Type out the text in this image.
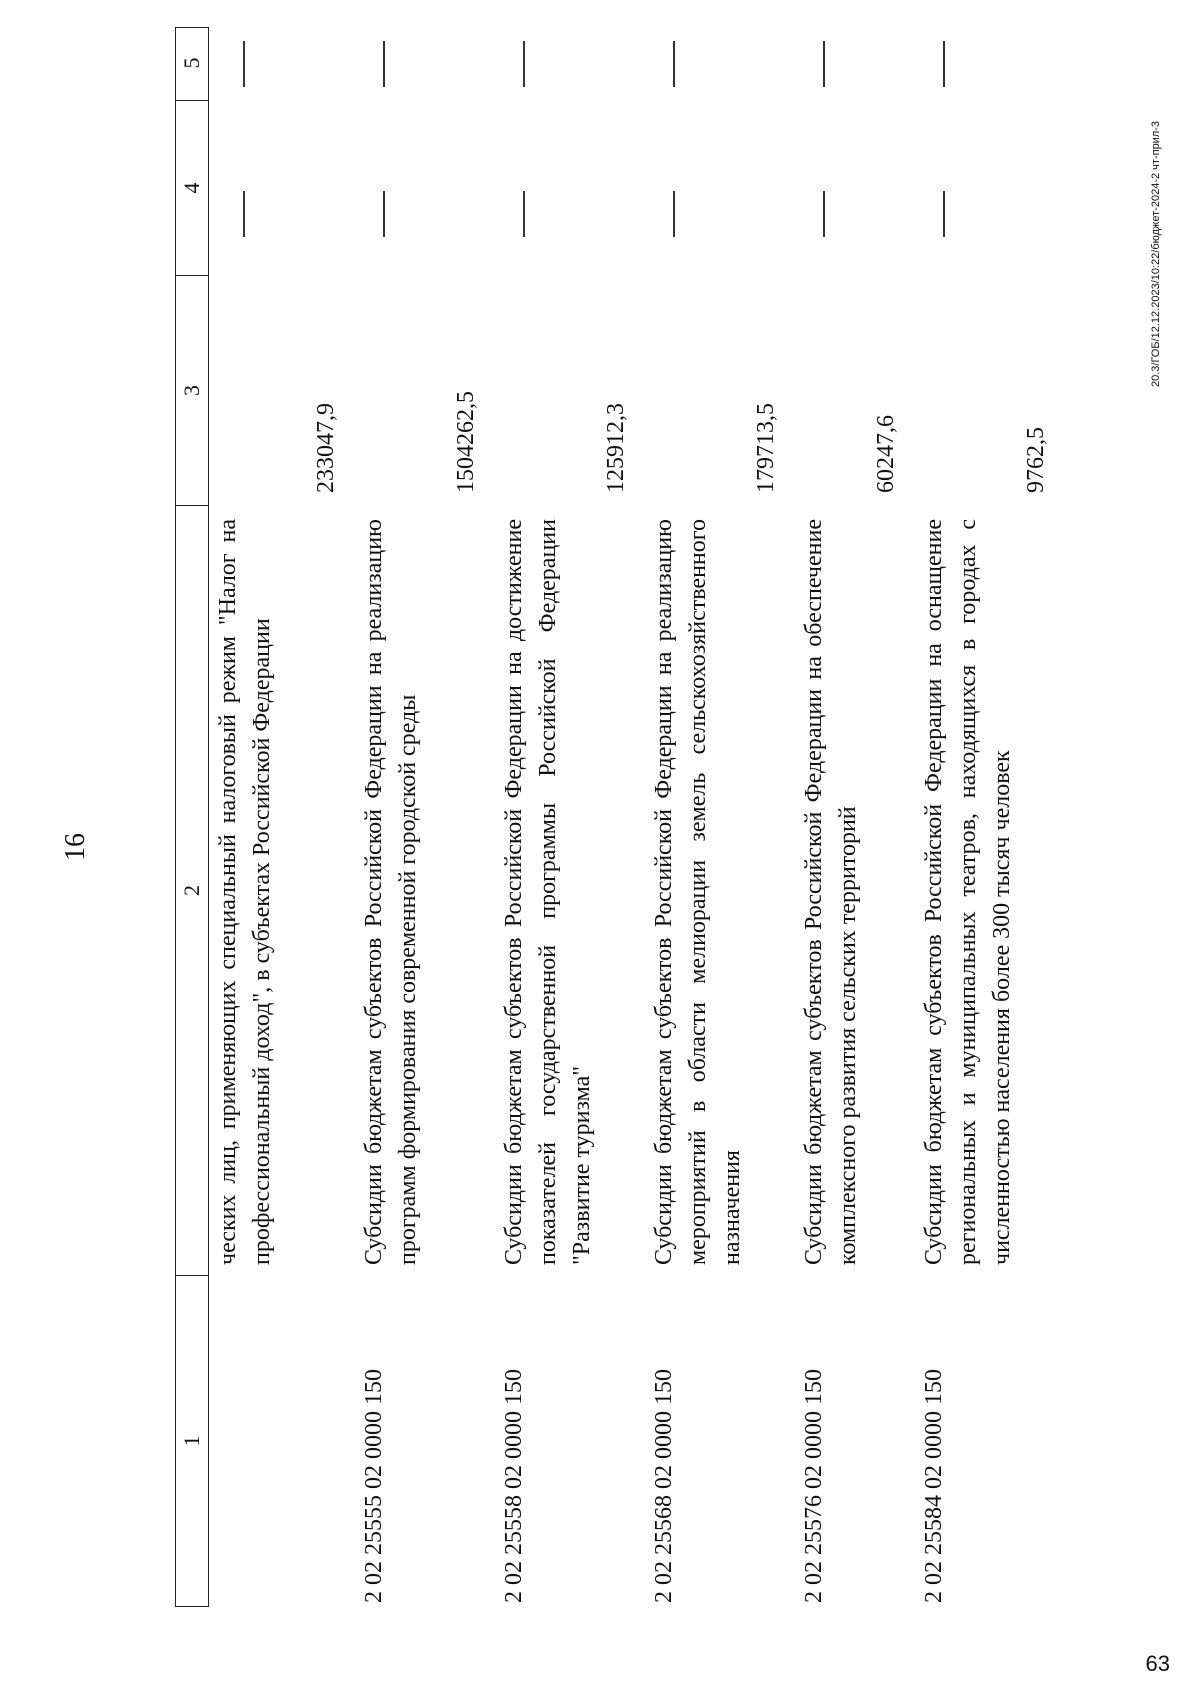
16
1
2
3
4
5
ческих лиц, применяющих специальный налоговый режим "Налог на профессиональный доход", в субъектах Российской Федерации
233047,9
2 02 25555 02 0000 150
Субсидии бюджетам субъектов Российской Федерации на реализацию программ формирования современной городской среды
1504262,5
2 02 25558 02 0000 150
Субсидии бюджетам субъектов Российской Федерации на достижение показателей государственной программы Российской Федерации "Развитие туризма"
125912,3
2 02 25568 02 0000 150
Субсидии бюджетам субъектов Российской Федерации на реализацию мероприятий в области мелиорации земель сельскохозяйственного назначения
179713,5
2 02 25576 02 0000 150
Субсидии бюджетам субъектов Российской Федерации на обеспечение комплексного развития сельских территорий
60247,6
2 02 25584 02 0000 150
Субсидии бюджетам субъектов Российской Федерации на оснащение региональных и муниципальных театров, находящихся в городах с численностью населения более 300 тысяч человек
9762,5
20.3/ГОБ/12.12.2023/10:22/бюджет-2024-2 чт-прил-3
63
